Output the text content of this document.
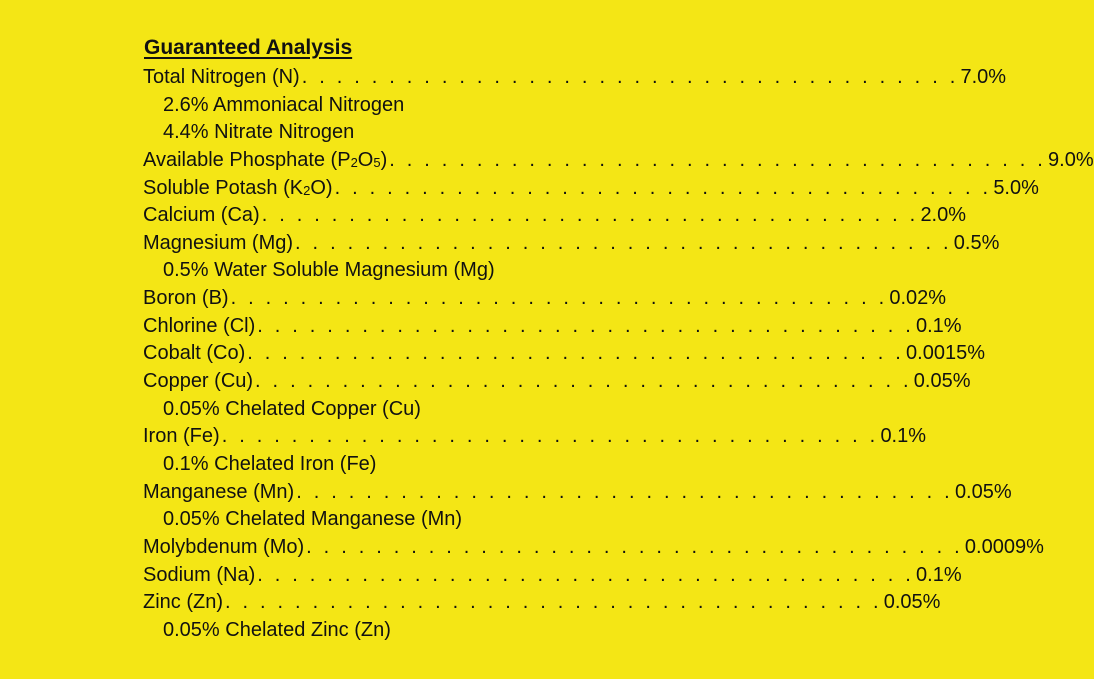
Guaranteed Analysis
Total Nitrogen (N) . . . . . . . . . . . . . . . . . . . . . . . . . . . . . . . . . . . . . . 7.0%
2.6% Ammoniacal Nitrogen
4.4% Nitrate Nitrogen
Available Phosphate (P2O5) . . . . . . . . . . . . . . . . . . . . . . . . . . . . . . . . . . . . . . 9.0%
Soluble Potash (K2O) . . . . . . . . . . . . . . . . . . . . . . . . . . . . . . . . . . . . . . 5.0%
Calcium (Ca) . . . . . . . . . . . . . . . . . . . . . . . . . . . . . . . . . . . . . . 2.0%
Magnesium (Mg) . . . . . . . . . . . . . . . . . . . . . . . . . . . . . . . . . . . . . . 0.5%
0.5% Water Soluble Magnesium (Mg)
Boron (B) . . . . . . . . . . . . . . . . . . . . . . . . . . . . . . . . . . . . . . 0.02%
Chlorine (Cl) . . . . . . . . . . . . . . . . . . . . . . . . . . . . . . . . . . . . . . 0.1%
Cobalt (Co) . . . . . . . . . . . . . . . . . . . . . . . . . . . . . . . . . . . . . . 0.0015%
Copper (Cu) . . . . . . . . . . . . . . . . . . . . . . . . . . . . . . . . . . . . . . 0.05%
0.05% Chelated Copper (Cu)
Iron (Fe) . . . . . . . . . . . . . . . . . . . . . . . . . . . . . . . . . . . . . . 0.1%
0.1% Chelated Iron (Fe)
Manganese (Mn) . . . . . . . . . . . . . . . . . . . . . . . . . . . . . . . . . . . . . . 0.05%
0.05% Chelated Manganese (Mn)
Molybdenum (Mo) . . . . . . . . . . . . . . . . . . . . . . . . . . . . . . . . . . . . . . 0.0009%
Sodium (Na) . . . . . . . . . . . . . . . . . . . . . . . . . . . . . . . . . . . . . . 0.1%
Zinc (Zn) . . . . . . . . . . . . . . . . . . . . . . . . . . . . . . . . . . . . . . 0.05%
0.05% Chelated Zinc (Zn)
